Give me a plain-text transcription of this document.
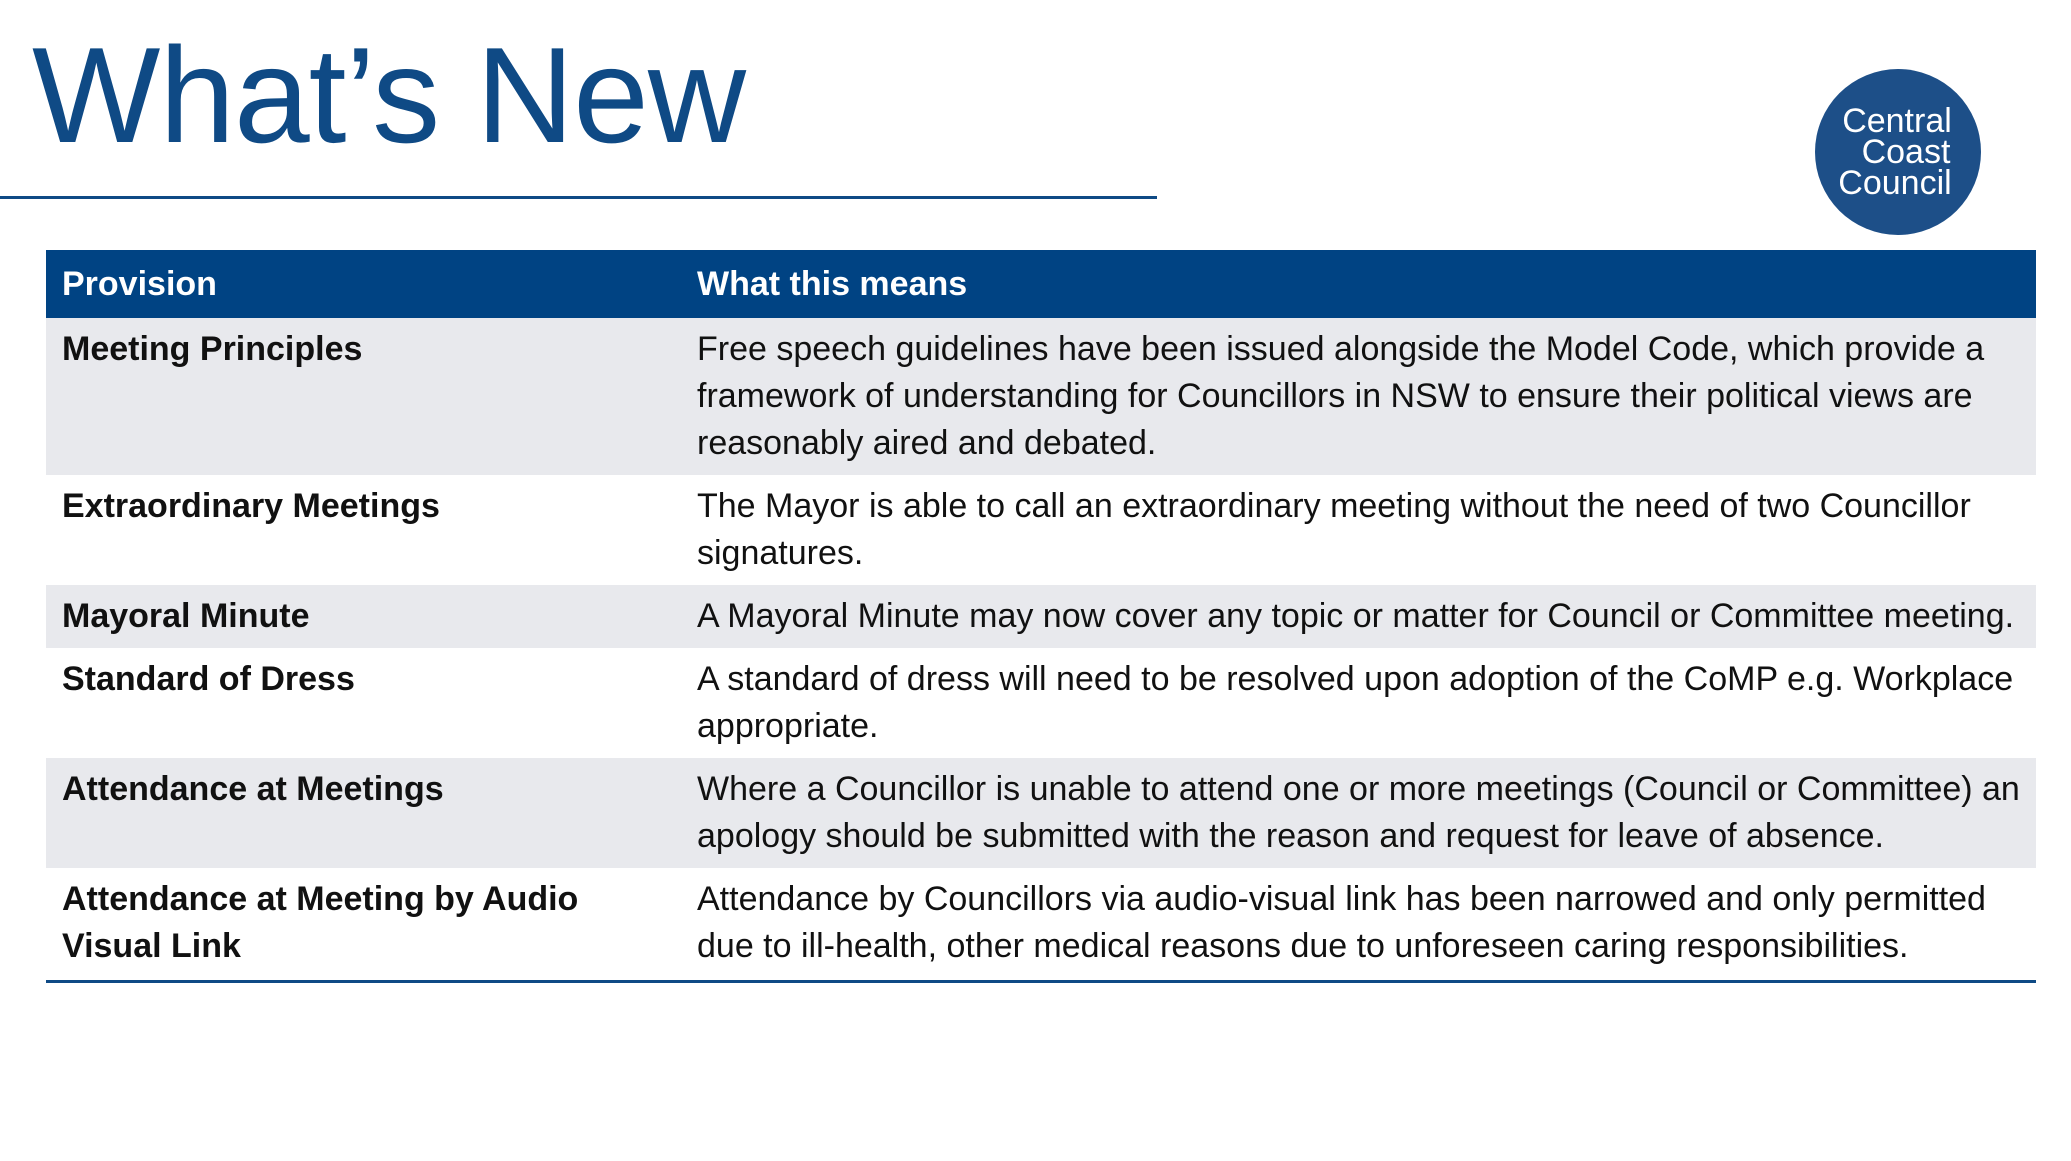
What’s New	Central
Coast
Council
Provision	What this means
Meeting Principles	Free speech guidelines have been issued alongside the Model Code, which provide a framework of understanding for Councillors in NSW to ensure their political views are reasonably aired and debated.
Extraordinary Meetings	The Mayor is able to call an extraordinary meeting without the need of two Councillor signatures.
Mayoral Minute	A Mayoral Minute may now cover any topic or matter for Council or Committee meeting.
Standard of Dress	A standard of dress will need to be resolved upon adoption of the CoMP e.g. Workplace appropriate.
Attendance at Meetings	Where a Councillor is unable to attend one or more meetings (Council or Committee) an apology should be submitted with the reason and request for leave of absence.
Attendance at Meeting by Audio Visual Link	Attendance by Councillors via audio-visual link has been narrowed and only permitted due to ill-health, other medical reasons due to unforeseen caring responsibilities.
